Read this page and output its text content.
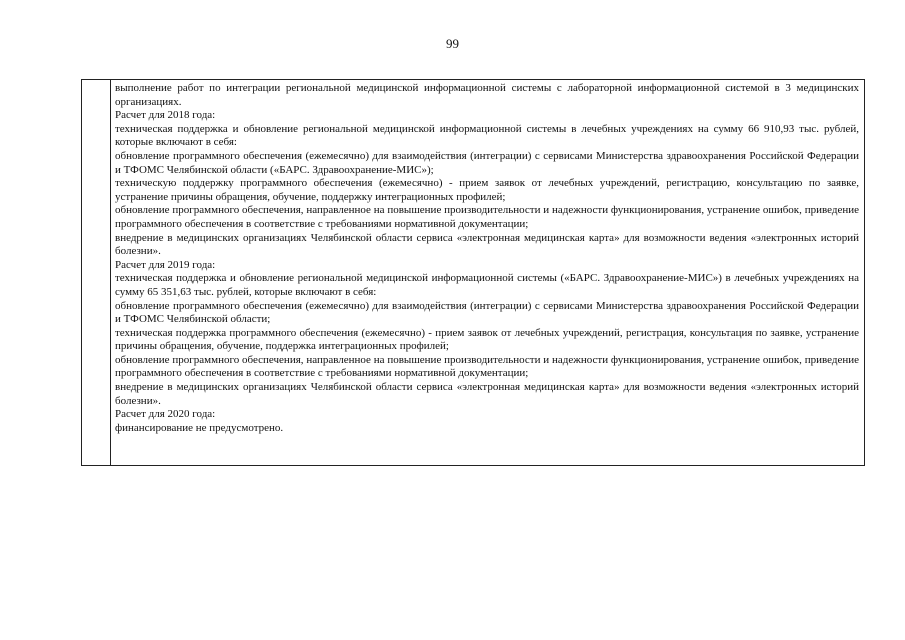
99

выполнение работ по интеграции региональной медицинской информационной системы с лабораторной информационной системой в 3 медицинских организациях.

Расчет для 2018 года:

техническая поддержка и обновление региональной медицинской информационной системы в лечебных учреждениях на сумму 66 910,93 тыс. рублей, которые включают в себя:

обновление программного обеспечения (ежемесячно) для взаимодействия (интеграции) с сервисами Министерства здравоохранения Российской Федерации и ТФОМС Челябинской области («БАРС. Здравоохранение-МИС»);

техническую поддержку программного обеспечения (ежемесячно) - прием заявок от лечебных учреждений, регистрацию, консультацию по заявке, устранение причины обращения, обучение, поддержку интеграционных профилей;

обновление программного обеспечения, направленное на повышение производительности и надежности функционирования, устранение ошибок, приведение программного обеспечения в соответствие с требованиями нормативной документации;

внедрение в медицинских организациях Челябинской области сервиса «электронная медицинская карта» для возможности ведения «электронных историй болезни».

Расчет для 2019 года:

техническая поддержка и обновление региональной медицинской информационной системы («БАРС. Здравоохранение-МИС») в лечебных учреждениях на сумму 65 351,63 тыс. рублей, которые включают в себя:

обновление программного обеспечения (ежемесячно) для взаимодействия (интеграции) с сервисами Министерства здравоохранения Российской Федерации и ТФОМС Челябинской области;

техническая поддержка программного обеспечения (ежемесячно) - прием заявок от лечебных учреждений, регистрация, консультация по заявке, устранение причины обращения, обучение, поддержка интеграционных профилей;

обновление программного обеспечения, направленное на повышение производительности и надежности функционирования, устранение ошибок, приведение программного обеспечения в соответствие с требованиями нормативной документации;

внедрение в медицинских организациях Челябинской области сервиса «электронная медицинская карта» для возможности ведения «электронных историй болезни».

Расчет для 2020 года:

финансирование не предусмотрено.
